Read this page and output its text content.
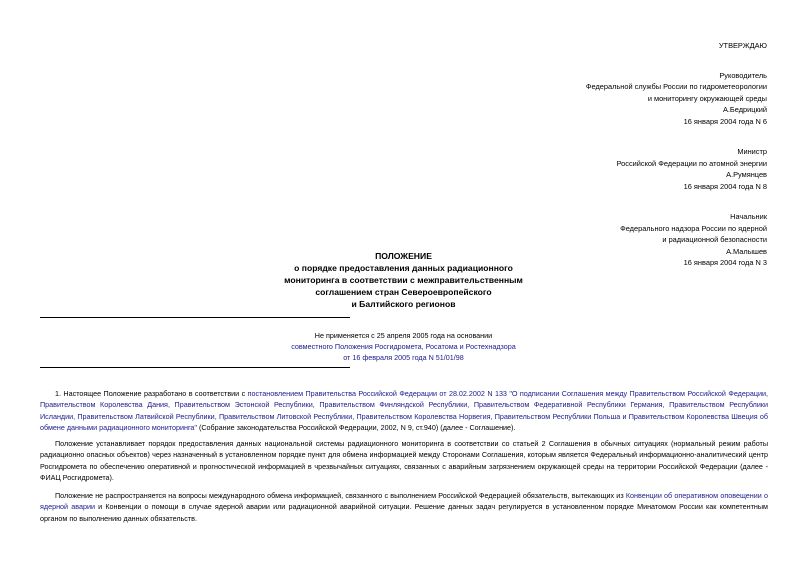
УТВЕРЖДАЮ
Руководитель
Федеральной службы России по гидрометеорологии
и мониторингу окружающей среды
А.Бедрицкий
16 января 2004 года N 6
Министр
Российской Федерации по атомной энергии
А.Румянцев
16 января 2004 года N 8
Начальник
Федерального надзора России по ядерной
и радиационной безопасности
А.Малышев
16 января 2004 года N 3
ПОЛОЖЕНИЕ
о порядке предоставления данных радиационного
мониторинга в соответствии с межправительственным
соглашением стран Североевропейского
и Балтийского регионов
Не применяется с 25 апреля 2005 года на основании
совместного Положения Росгидромета, Росатома и Ростехнадзора
от 16 февраля 2005 года N 51/01/98

1. Настоящее Положение разработано в соответствии с постановлением Правительства Российской Федерации от 28.02.2002 N 133 "О подписании Соглашения между Правительством Российской Федерации, Правительством Королевства Дания, Правительством Эстонской Республики, Правительством Финляндской Республики, Правительством Федеративной Республики Германия, Правительством Республики Исландии, Правительством Латвийской Республики, Правительством Литовской Республики, Правительством Королевства Норвегия, Правительством Республики Польша и Правительством Королевства Швеция об обмене данными радиационного мониторинга" (Собрание законодательства Российской Федерации, 2002, N 9, ст.940) (далее - Соглашение).

Положение устанавливает порядок предоставления данных национальной системы радиационного мониторинга в соответствии со статьей 2 Соглашения в обычных ситуациях (нормальный режим работы радиационно опасных объектов) через назначенный в установленном порядке пункт для обмена информацией между Сторонами Соглашения, которым является Федеральный информационно-аналитический центр Росгидромета по обеспечению оперативной и прогностической информацией в чрезвычайных ситуациях, связанных с аварийным загрязнением окружающей среды на территории Российской Федерации (далее - ФИАЦ Росгидромета).

Положение не распространяется на вопросы международного обмена информацией, связанного с выполнением Российской Федерацией обязательств, вытекающих из Конвенции об оперативном оповещении о ядерной аварии и Конвенции о помощи в случае ядерной аварии или радиационной аварийной ситуации. Решение данных задач регулируется в установленном порядке Минатомом России как компетентным органом по выполнению данных обязательств.
